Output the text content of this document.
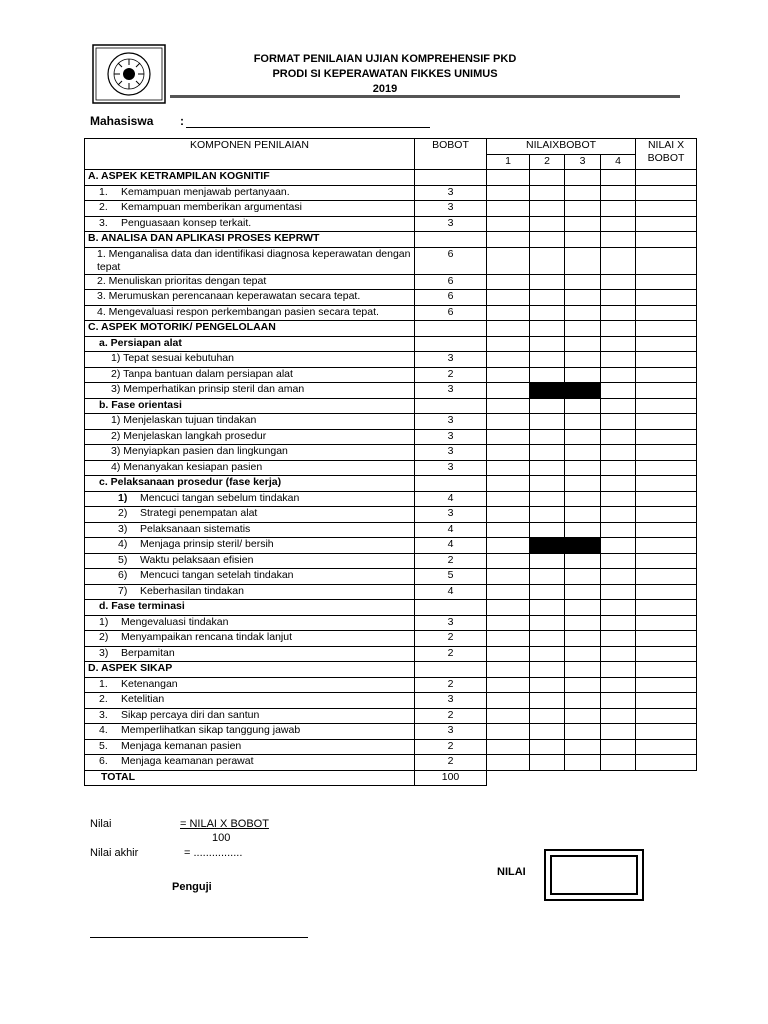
FORMAT PENILAIAN UJIAN KOMPREHENSIF PKD
PRODI SI KEPERAWATAN FIKKES UNIMUS
2019
Mahasiswa :
KOMPONEN PENILAIAN	BOBOT	NILAIXBOBOT				NILAI X
BOBOT
		1	2	3	4	
A. ASPEK KETRAMPILAN KOGNITIF						
1. Kemampuan menjawab pertanyaan.	3					
2. Kemampuan memberikan argumentasi	3					
3. Penguasaan konsep terkait.	3					
B. ANALISA DAN APLIKASI PROSES KEPRWT						
1. Menganalisa data dan identifikasi diagnosa keperawatan dengan tepat	6					
2. Menuliskan prioritas dengan tepat	6					
3. Merumuskan perencanaan keperawatan secara tepat.	6					
4. Mengevaluasi respon perkembangan pasien secara tepat.	6					
C. ASPEK MOTORIK/ PENGELOLAAN						
a. Persiapan alat						
1) Tepat sesuai kebutuhan	3					
2) Tanpa bantuan dalam persiapan alat	2					
3) Memperhatikan prinsip steril dan aman	3					
b. Fase orientasi						
1) Menjelaskan tujuan tindakan	3					
2) Menjelaskan langkah prosedur	3					
3) Menyiapkan pasien dan lingkungan	3					
4) Menanyakan kesiapan pasien	3					
c. Pelaksanaan prosedur (fase kerja)						
1) Mencuci tangan sebelum tindakan	4					
2) Strategi penempatan alat	3					
3) Pelaksanaan sistematis	4					
4) Menjaga prinsip steril/ bersih	4					
5) Waktu pelaksaan efisien	2					
6) Mencuci tangan setelah tindakan	5					
7) Keberhasilan tindakan	4					
d. Fase terminasi						
1) Mengevaluasi tindakan	3					
2) Menyampaikan rencana tindak lanjut	2					
3) Berpamitan	2					
D. ASPEK SIKAP						
1. Ketenangan	2					
2. Ketelitian	3					
3. Sikap percaya diri dan santun	2					
4. Memperlihatkan sikap tanggung jawab	3					
5. Menjaga kemanan pasien	2					
6. Menjaga keamanan perawat	2					
TOTAL	100					
Nilai	= NILAI X BOBOT
100
Nilai akhir	= ................
Penguji
NILAI
